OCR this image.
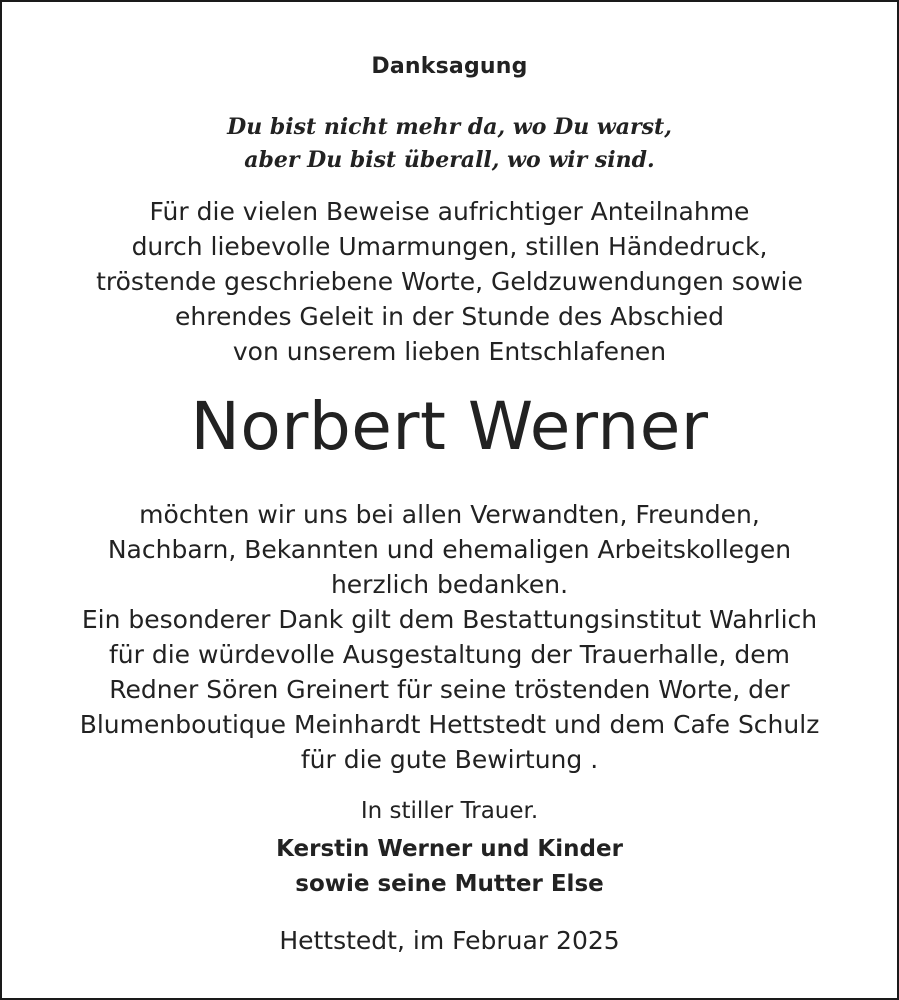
Danksagung
Du bist nicht mehr da, wo Du warst,
aber Du bist überall, wo wir sind.
Für die vielen Beweise aufrichtiger Anteilnahme
durch liebevolle Umarmungen, stillen Händedruck,
tröstende geschriebene Worte, Geldzuwendungen sowie
ehrendes Geleit in der Stunde des Abschied
von unserem lieben Entschlafenen
Norbert Werner
möchten wir uns bei allen Verwandten, Freunden,
Nachbarn, Bekannten und ehemaligen Arbeitskollegen
herzlich bedanken.
Ein besonderer Dank gilt dem Bestattungsinstitut Wahrlich
für die würdevolle Ausgestaltung der Trauerhalle, dem
Redner Sören Greinert für seine tröstenden Worte, der
Blumenboutique Meinhardt Hettstedt und dem Cafe Schulz
für die gute Bewirtung .
In stiller Trauer.
Kerstin Werner und Kinder
sowie seine Mutter Else
Hettstedt, im Februar 2025
